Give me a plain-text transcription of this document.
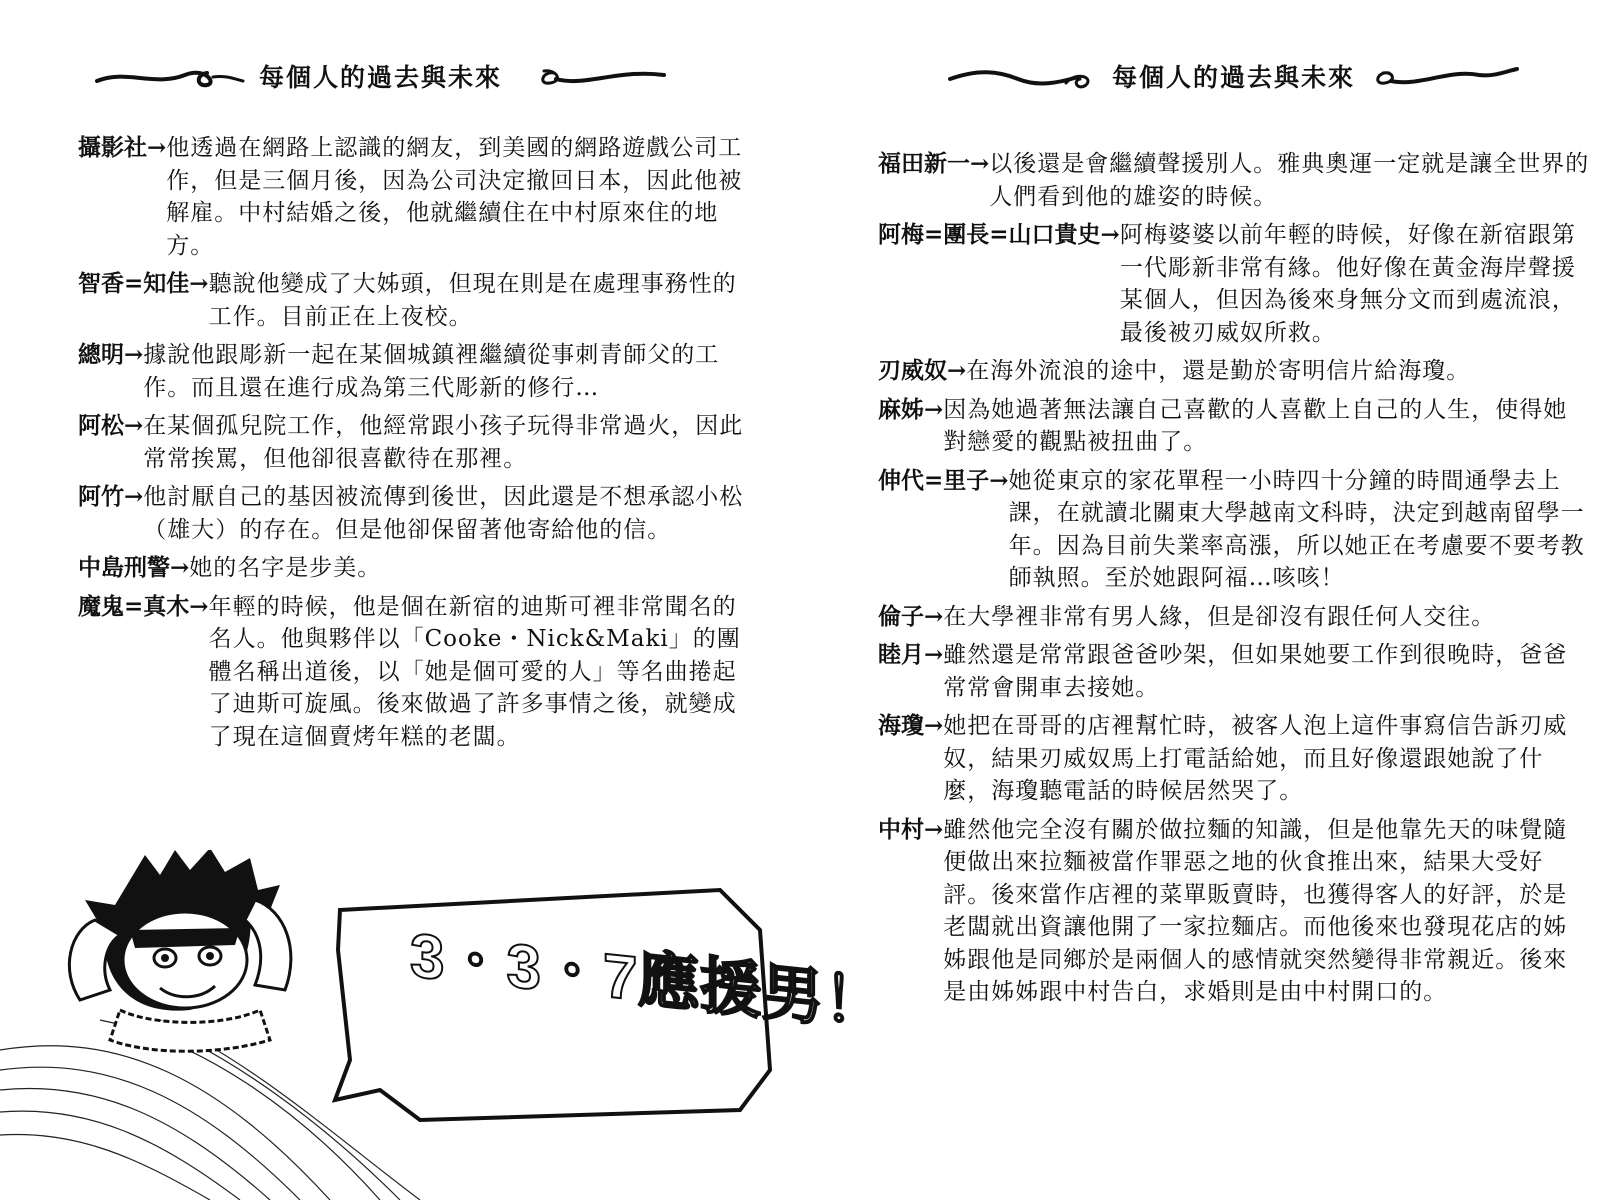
每個人的過去與未來
攝影社→ 他透過在網路上認識的網友，到美國的網路遊戲公司工作，但是三個月後，因為公司決定撤回日本，因此他被解雇。中村結婚之後，他就繼續住在中村原來住的地方。
智香=知佳→ 聽說他變成了大姊頭，但現在則是在處理事務性的工作。目前正在上夜校。
總明→ 據說他跟彫新一起在某個城鎮裡繼續從事刺青師父的工作。而且還在進行成為第三代彫新的修行…
阿松→ 在某個孤兒院工作，他經常跟小孩子玩得非常過火，因此常常挨罵，但他卻很喜歡待在那裡。
阿竹→ 他討厭自己的基因被流傳到後世，因此還是不想承認小松（雄大）的存在。但是他卻保留著他寄給他的信。
中島刑警→ 她的名字是步美。
魔鬼=真木→ 年輕的時候，他是個在新宿的迪斯可裡非常聞名的名人。他與夥伴以「Cooke・Nick&Maki」的團體名稱出道後，以「她是個可愛的人」等名曲捲起了迪斯可旋風。後來做過了許多事情之後，就變成了現在這個賣烤年糕的老闆。
3・3・7應援男！
每個人的過去與未來
福田新一→ 以後還是會繼續聲援別人。雅典奧運一定就是讓全世界的人們看到他的雄姿的時候。
阿梅=團長=山口貴史→ 阿梅婆婆以前年輕的時候，好像在新宿跟第一代彫新非常有緣。他好像在黃金海岸聲援某個人，但因為後來身無分文而到處流浪，最後被刃威奴所救。
刃威奴→ 在海外流浪的途中，還是勤於寄明信片給海瓊。
麻姊→ 因為她過著無法讓自己喜歡的人喜歡上自己的人生，使得她對戀愛的觀點被扭曲了。
伸代=里子→ 她從東京的家花單程一小時四十分鐘的時間通學去上課，在就讀北關東大學越南文科時，決定到越南留學一年。因為目前失業率高漲，所以她正在考慮要不要考教師執照。至於她跟阿福…咳咳！
倫子→ 在大學裡非常有男人緣，但是卻沒有跟任何人交往。
睦月→ 雖然還是常常跟爸爸吵架，但如果她要工作到很晚時，爸爸常常會開車去接她。
海瓊→ 她把在哥哥的店裡幫忙時，被客人泡上這件事寫信告訴刃威奴，結果刃威奴馬上打電話給她，而且好像還跟她說了什麼，海瓊聽電話的時候居然哭了。
中村→ 雖然他完全沒有關於做拉麵的知識，但是他靠先天的味覺隨便做出來拉麵被當作罪惡之地的伙食推出來，結果大受好評。後來當作店裡的菜單販賣時，也獲得客人的好評，於是老闆就出資讓他開了一家拉麵店。而他後來也發現花店的姊姊跟他是同鄉於是兩個人的感情就突然變得非常親近。後來是由姊姊跟中村告白，求婚則是由中村開口的。
